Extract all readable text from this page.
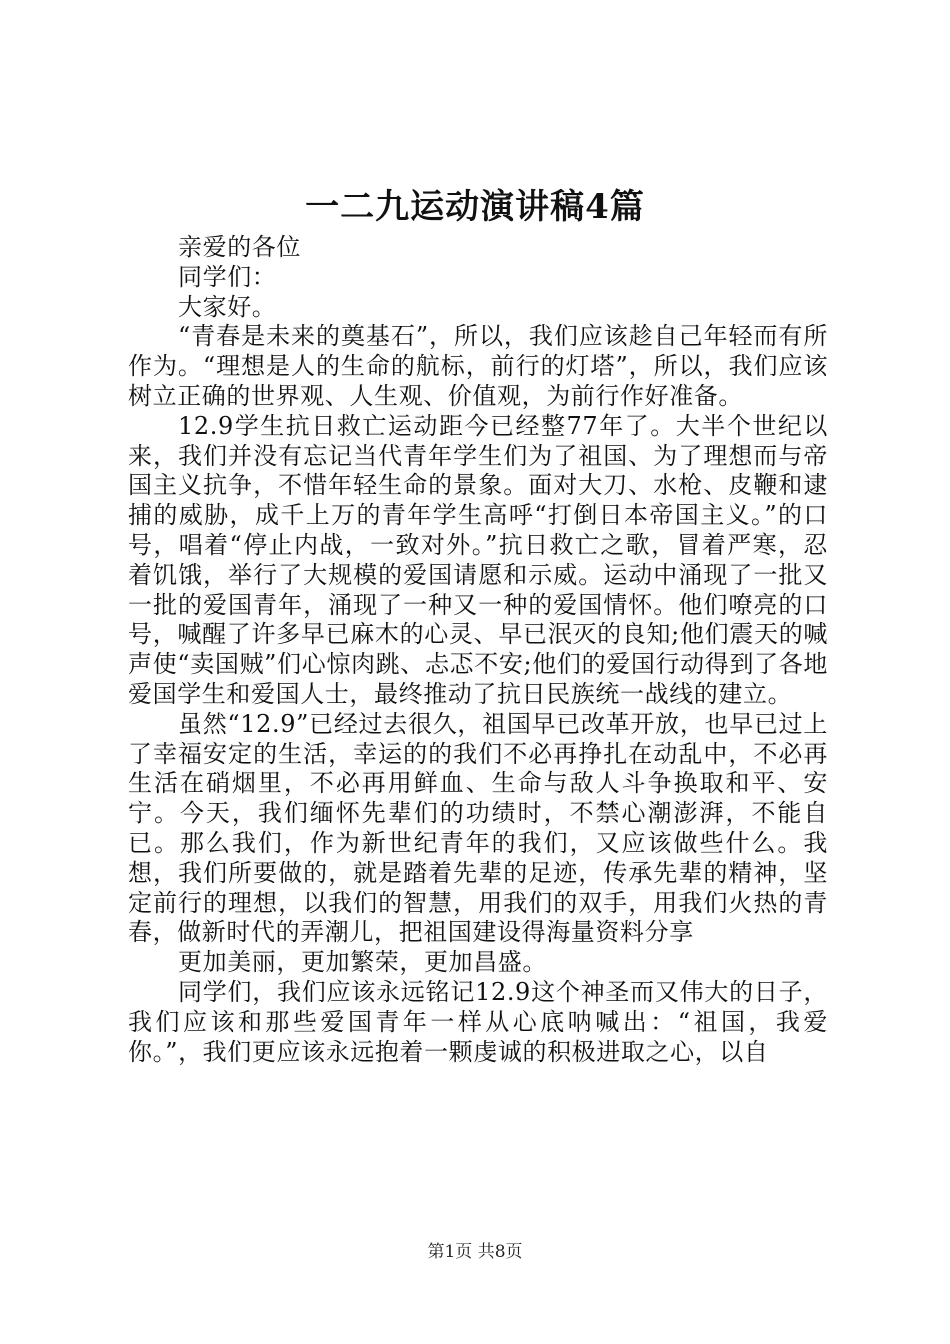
一二九运动演讲稿4篇

亲爱的各位

同学们：

大家好。

“青春是未来的奠基石”，所以，我们应该趁自己年轻而有所作为。“理想是人的生命的航标，前行的灯塔”，所以，我们应该树立正确的世界观、人生观、价值观，为前行作好准备。

12.9学生抗日救亡运动距今已经整77年了。大半个世纪以来，我们并没有忘记当代青年学生们为了祖国、为了理想而与帝国主义抗争，不惜年轻生命的景象。面对大刀、水枪、皮鞭和逮捕的威胁，成千上万的青年学生高呼“打倒日本帝国主义。”的口号，唱着“停止内战，一致对外。”抗日救亡之歌，冒着严寒，忍着饥饿，举行了大规模的爱国请愿和示威。运动中涌现了一批又一批的爱国青年，涌现了一种又一种的爱国情怀。他们嘹亮的口号，喊醒了许多早已麻木的心灵、早已泯灭的良知;他们震天的喊声使“卖国贼”们心惊肉跳、忐忑不安;他们的爱国行动得到了各地爱国学生和爱国人士，最终推动了抗日民族统一战线的建立。

虽然“12.9”已经过去很久，祖国早已改革开放，也早已过上了幸福安定的生活，幸运的的我们不必再挣扎在动乱中，不必再生活在硝烟里，不必再用鲜血、生命与敌人斗争换取和平、安宁。今天，我们缅怀先辈们的功绩时，不禁心潮澎湃，不能自已。那么我们，作为新世纪青年的我们，又应该做些什么。我想，我们所要做的，就是踏着先辈的足迹，传承先辈的精神，坚定前行的理想，以我们的智慧，用我们的双手，用我们火热的青春，做新时代的弄潮儿，把祖国建设得海量资料分享

更加美丽，更加繁荣，更加昌盛。

同学们，我们应该永远铭记12.9这个神圣而又伟大的日子，我们应该和那些爱国青年一样从心底呐喊出：“祖国，我爱你。”，我们更应该永远抱着一颗虔诚的积极进取之心，以自

第1页 共8页
